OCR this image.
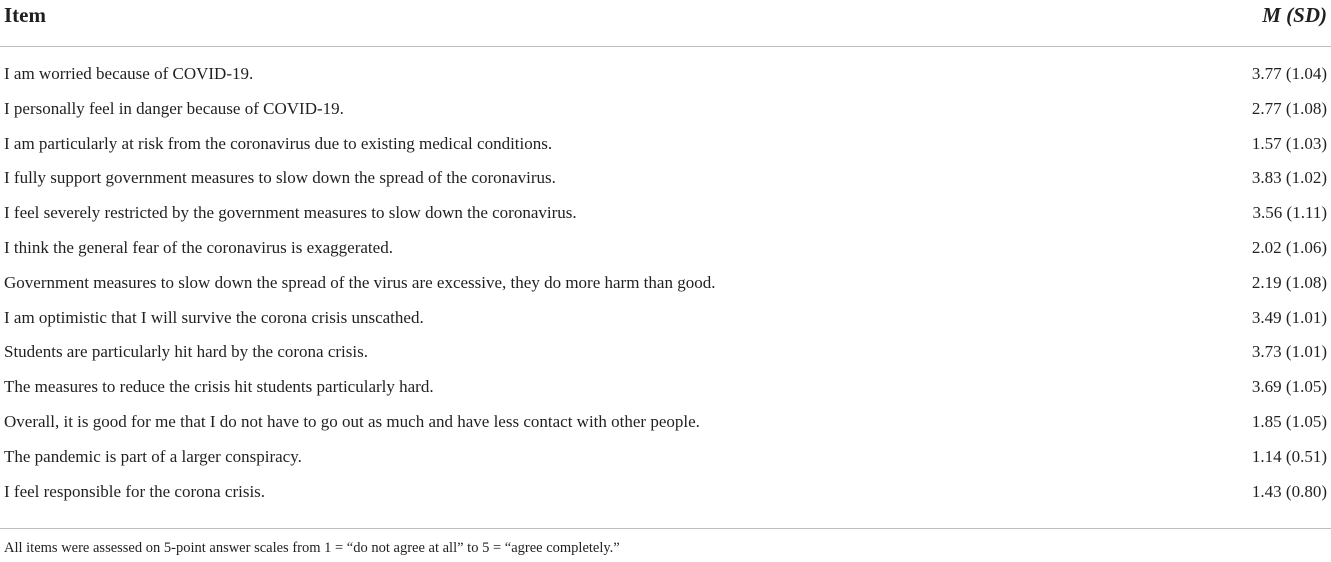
Item	M (SD)
I am worried because of COVID-19.	3.77 (1.04)
I personally feel in danger because of COVID-19.	2.77 (1.08)
I am particularly at risk from the coronavirus due to existing medical conditions.	1.57 (1.03)
I fully support government measures to slow down the spread of the coronavirus.	3.83 (1.02)
I feel severely restricted by the government measures to slow down the coronavirus.	3.56 (1.11)
I think the general fear of the coronavirus is exaggerated.	2.02 (1.06)
Government measures to slow down the spread of the virus are excessive, they do more harm than good.	2.19 (1.08)
I am optimistic that I will survive the corona crisis unscathed.	3.49 (1.01)
Students are particularly hit hard by the corona crisis.	3.73 (1.01)
The measures to reduce the crisis hit students particularly hard.	3.69 (1.05)
Overall, it is good for me that I do not have to go out as much and have less contact with other people.	1.85 (1.05)
The pandemic is part of a larger conspiracy.	1.14 (0.51)
I feel responsible for the corona crisis.	1.43 (0.80)
All items were assessed on 5-point answer scales from 1 = “do not agree at all” to 5 = “agree completely.”
